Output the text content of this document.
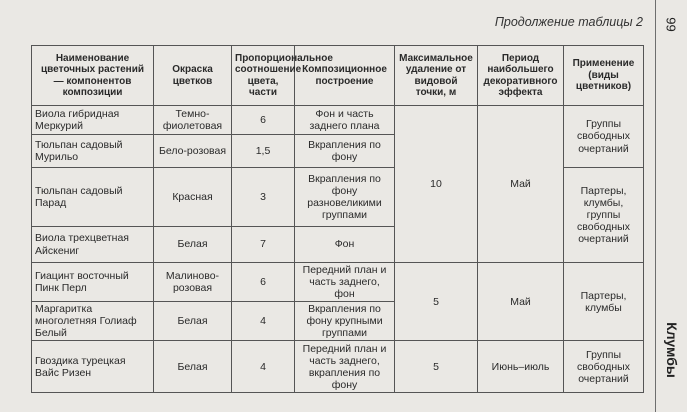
Продолжение таблицы 2 99
Клумбы
Наименование цветочных растений — компонентов композиции	Окраска цветков	Пропорциональное соотношение цвета, части	Композиционное построение	Максимальное удаление от видовой точки, м	Период наибольшего декоративного эффекта	Применение (виды цветников)
Виола гибридная Меркурий	Темно-фиолетовая	6	Фон и часть заднего плана	10	Май	Группы свободных очертаний
Тюльпан садовый Мурильо	Бело-розовая	1,5	Вкрапления по фону			
Тюльпан садовый Парад	Красная	3	Вкрапления по фону разновеликими группами			Партеры, клумбы, группы свободных очертаний
Виола трехцветная Айскениг	Белая	7	Фон			
Гиацинт восточный Пинк Перл	Малиново-розовая	6	Передний план и часть заднего, фон	5	Май	Партеры, клумбы
Маргаритка многолетняя Голиаф Белый	Белая	4	Вкрапления по фону крупными группами			
Гвоздика турецкая Вайс Ризен	Белая	4	Передний план и часть заднего, вкрапления по фону	5	Июнь–июль	Группы свободных очертаний
